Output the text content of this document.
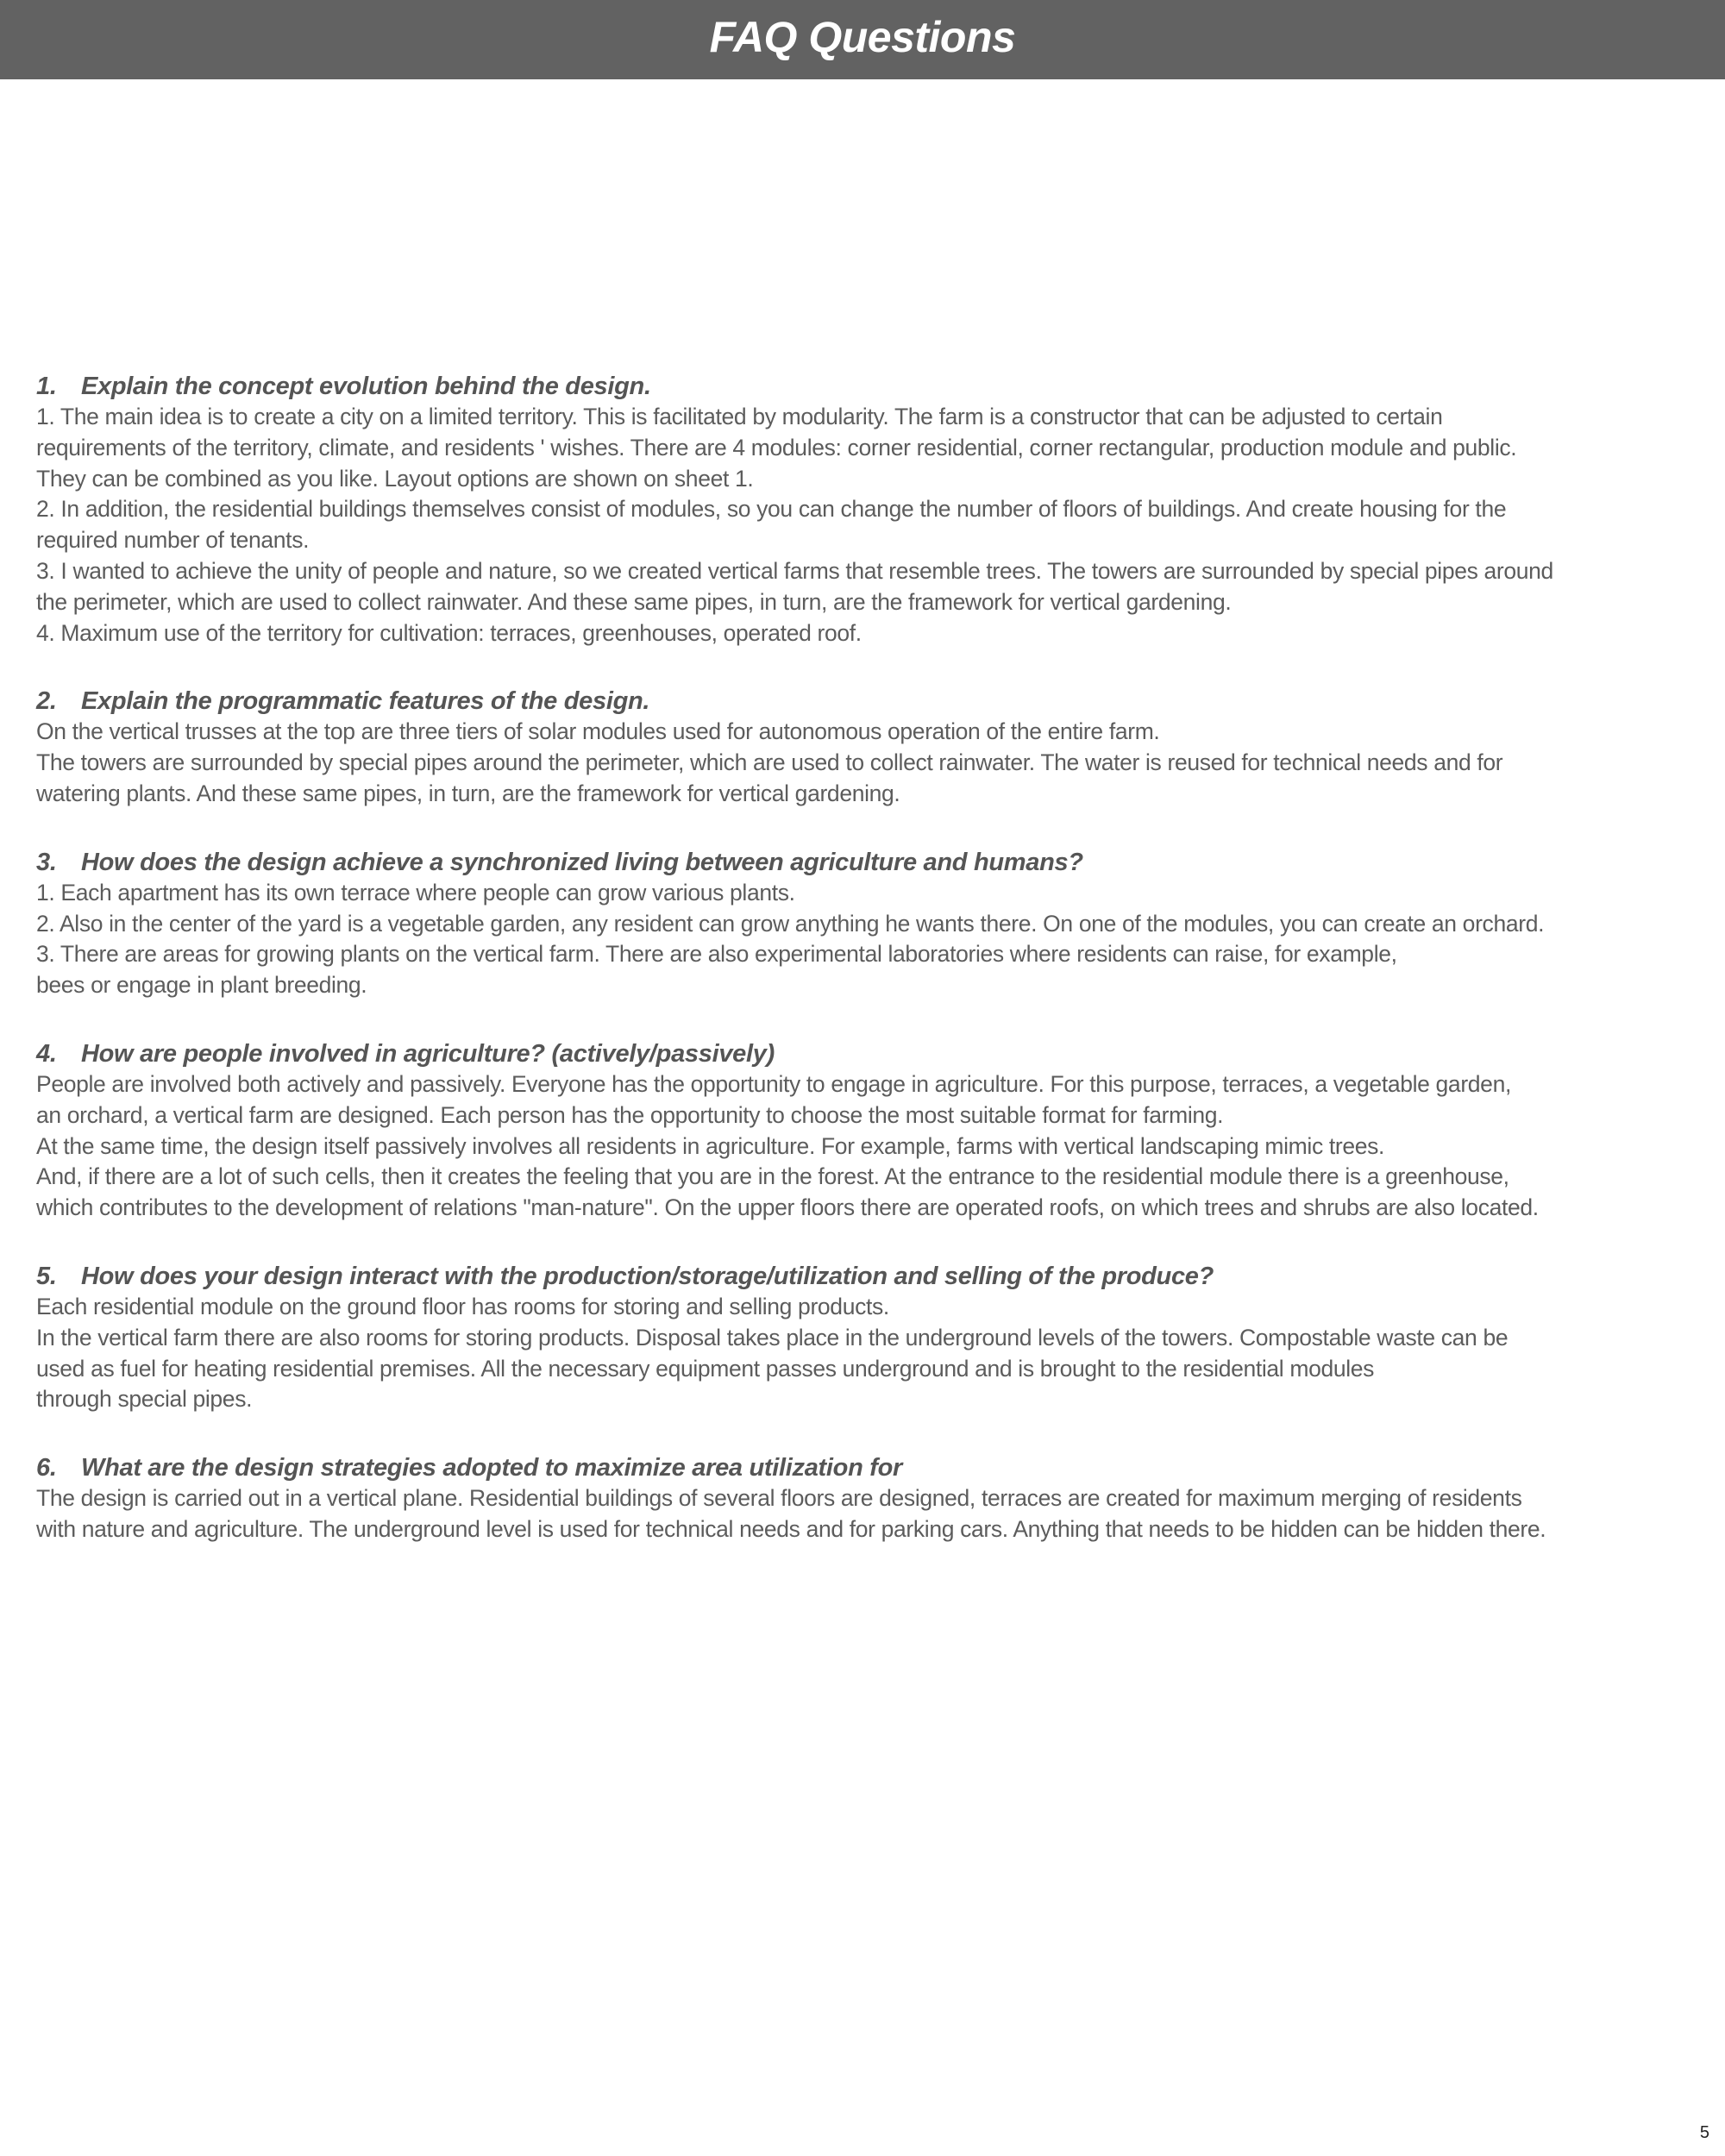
FAQ Questions
1. Explain the concept evolution behind the design.
1. The main idea is to create a city on a limited territory. This is facilitated by modularity. The farm is a constructor that can be adjusted to certain
requirements of the territory, climate, and residents ' wishes. There are 4 modules: corner residential, corner rectangular, production module and public.
They can be combined as you like. Layout options are shown on sheet 1.
2. In addition, the residential buildings themselves consist of modules, so you can change the number of floors of buildings. And create housing for the
required number of tenants.
3. I wanted to achieve the unity of people and nature, so we created vertical farms that resemble trees. The towers are surrounded by special pipes around
the perimeter, which are used to collect rainwater. And these same pipes, in turn, are the framework for vertical gardening.
4. Maximum use of the territory for cultivation: terraces, greenhouses, operated roof.
2. Explain the programmatic features of the design.
On the vertical trusses at the top are three tiers of solar modules used for autonomous operation of the entire farm.
The towers are surrounded by special pipes around the perimeter, which are used to collect rainwater. The water is reused for technical needs and for
watering plants. And these same pipes, in turn, are the framework for vertical gardening.
3. How does the design achieve a synchronized living between agriculture and humans?
1. Each apartment has its own terrace where people can grow various plants.
2. Also in the center of the yard is a vegetable garden, any resident can grow anything he wants there. On one of the modules, you can create an orchard.
3. There are areas for growing plants on the vertical farm. There are also experimental laboratories where residents can raise, for example,
bees or engage in plant breeding.
4. How are people involved in agriculture? (actively/passively)
People are involved both actively and passively. Everyone has the opportunity to engage in agriculture. For this purpose, terraces, a vegetable garden,
an orchard, a vertical farm are designed. Each person has the opportunity to choose the most suitable format for farming.
At the same time, the design itself passively involves all residents in agriculture. For example, farms with vertical landscaping mimic trees.
And, if there are a lot of such cells, then it creates the feeling that you are in the forest. At the entrance to the residential module there is a greenhouse,
which contributes to the development of relations "man-nature". On the upper floors there are operated roofs, on which trees and shrubs are also located.
5. How does your design interact with the production/storage/utilization and selling of the produce?
Each residential module on the ground floor has rooms for storing and selling products.
In the vertical farm there are also rooms for storing products. Disposal takes place in the underground levels of the towers. Compostable waste can be
used as fuel for heating residential premises. All the necessary equipment passes underground and is brought to the residential modules
through special pipes.
6. What are the design strategies adopted to maximize area utilization for
The design is carried out in a vertical plane. Residential buildings of several floors are designed, terraces are created for maximum merging of residents
with nature and agriculture. The underground level is used for technical needs and for parking cars. Anything that needs to be hidden can be hidden there.
5
